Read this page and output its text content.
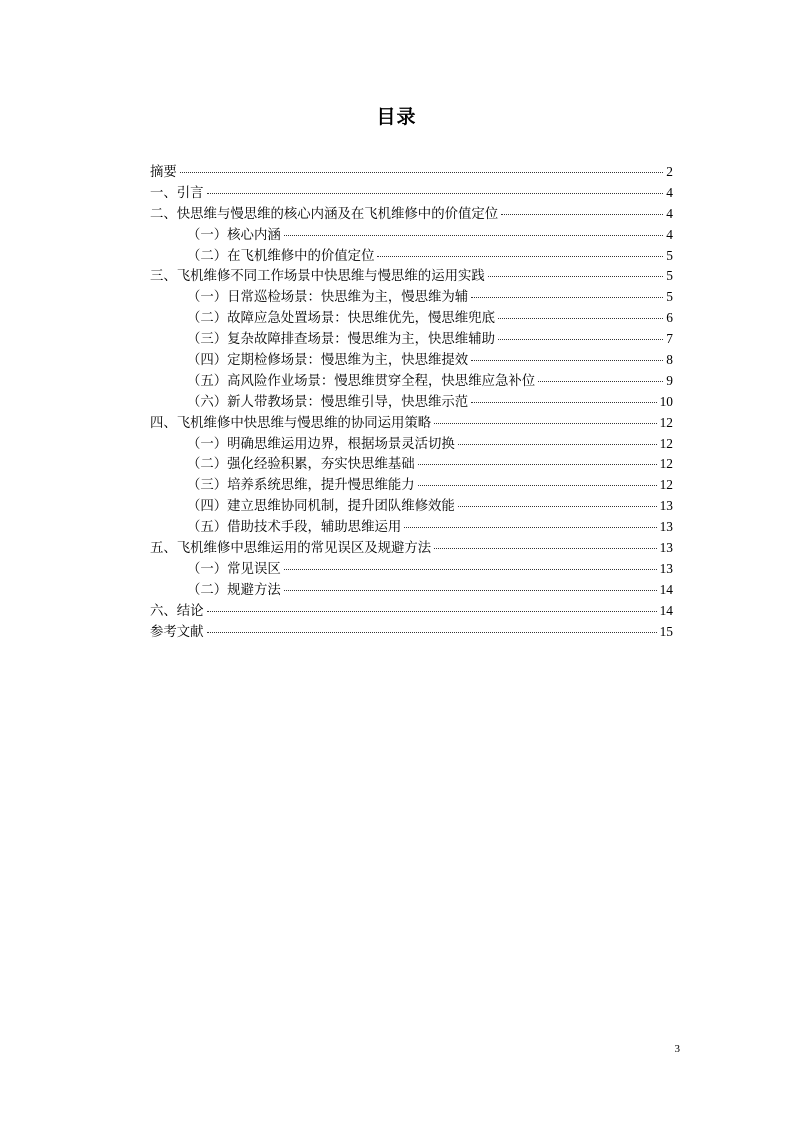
目录
摘要	2
一、引言	4
二、快思维与慢思维的核心内涵及在飞机维修中的价值定位	4
（一）核心内涵	4
（二）在飞机维修中的价值定位	5
三、飞机维修不同工作场景中快思维与慢思维的运用实践	5
（一）日常巡检场景：快思维为主，慢思维为辅	5
（二）故障应急处置场景：快思维优先，慢思维兜底	6
（三）复杂故障排查场景：慢思维为主，快思维辅助	7
（四）定期检修场景：慢思维为主，快思维提效	8
（五）高风险作业场景：慢思维贯穿全程，快思维应急补位	9
（六）新人带教场景：慢思维引导，快思维示范	10
四、飞机维修中快思维与慢思维的协同运用策略	12
（一）明确思维运用边界，根据场景灵活切换	12
（二）强化经验积累，夯实快思维基础	12
（三）培养系统思维，提升慢思维能力	12
（四）建立思维协同机制，提升团队维修效能	13
（五）借助技术手段，辅助思维运用	13
五、飞机维修中思维运用的常见误区及规避方法	13
（一）常见误区	13
（二）规避方法	14
六、结论	14
参考文献	15
3
